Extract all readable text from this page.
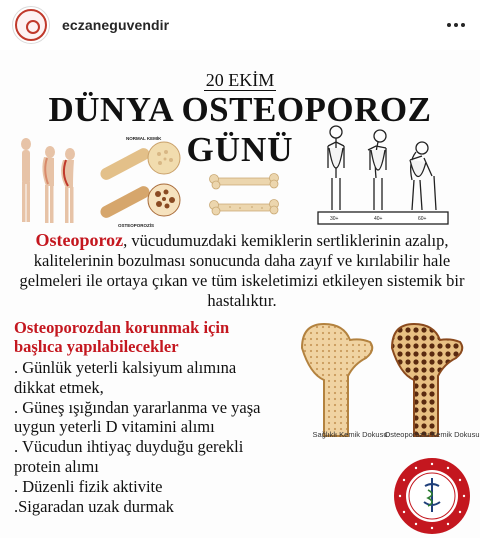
eczaneguvendir
20 EKİM
DÜNYA OSTEOPOROZ
GÜNÜ
NORMAL KEMİK
OSTEOPOROZİS
30+	40+	60+
Osteoporoz, vücudumuzdaki kemiklerin sertliklerinin azalıp, kalitelerinin bozulması sonucunda daha zayıf ve kırılabilir hale gelmeleri ile ortaya çıkan ve tüm iskeletimizi etkileyen sistemik bir hastalıktır.
Osteoporozdan korunmak için başlıca yapılabilecekler
. Günlük yeterli kalsiyum alımına dikkat etmek,
. Güneş ışığından yararlanma ve yaşa uygun yeterli D vitamini alımı
. Vücudun ihtiyaç duyduğu gerekli protein alımı
. Düzenli fizik aktivite
.Sigaradan uzak durmak
Sağlıklı Kemik Dokusu
Osteoporozlu Kemik Dokusu
